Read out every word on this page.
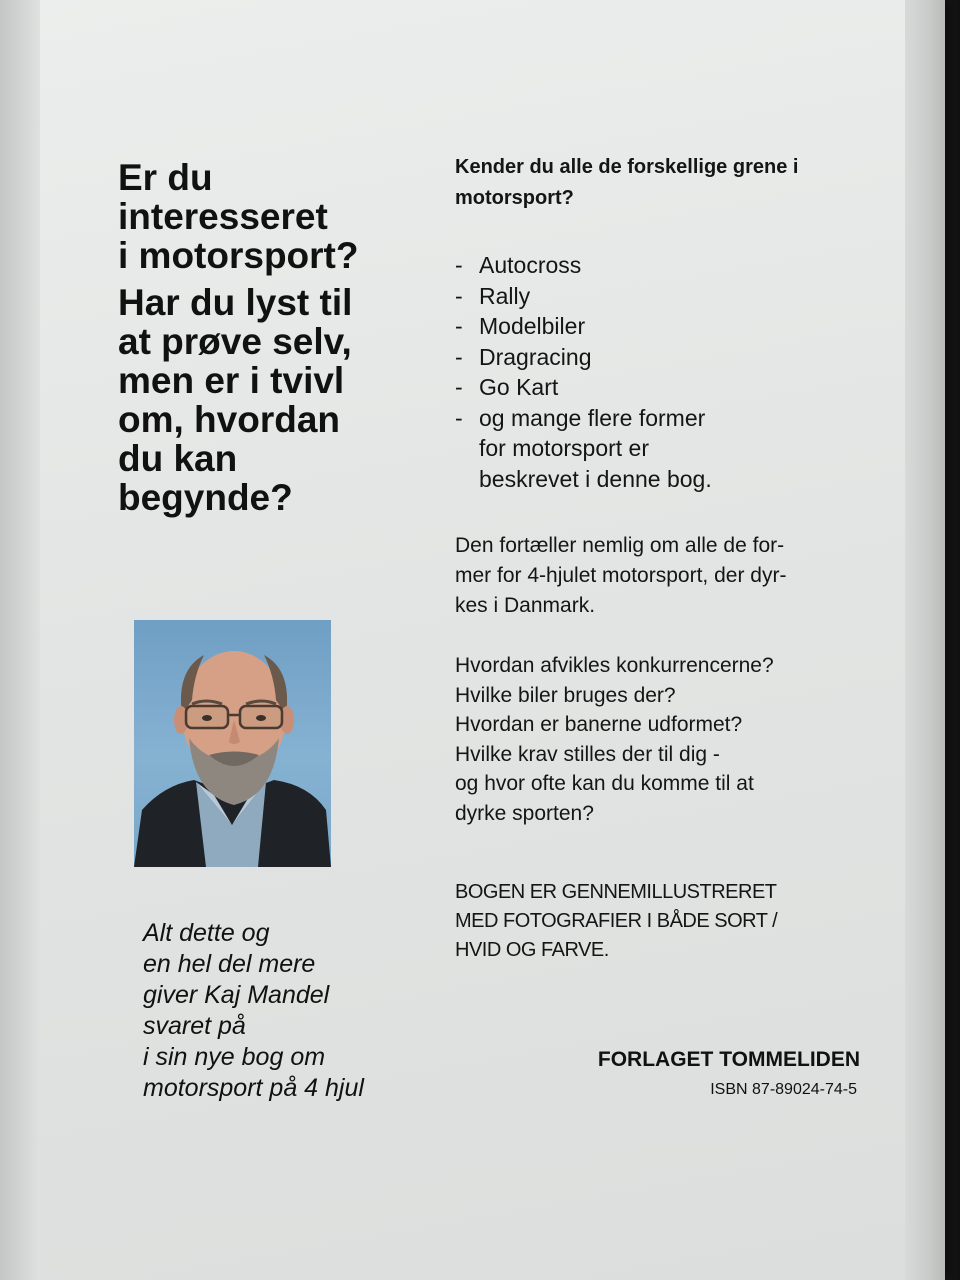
Er du
interesseret
i motorsport?
Har du lyst til
at prøve selv,
men er i tvivl
om, hvordan
du kan
begynde?
Alt dette og
en hel del mere
giver Kaj Mandel
svaret på
i sin nye bog om
motorsport på 4 hjul
Kender du alle de forskellige grene i
motorsport?
- Autocross
- Rally
- Modelbiler
- Dragracing
- Go Kart
- og mange flere former
for motorsport er
beskrevet i denne bog.
Den fortæller nemlig om alle de for-
mer for 4-hjulet motorsport, der dyr-
kes i Danmark.
Hvordan afvikles konkurrencerne?
Hvilke biler bruges der?
Hvordan er banerne udformet?
Hvilke krav stilles der til dig -
og hvor ofte kan du komme til at
dyrke sporten?
BOGEN ER GENNEMILLUSTRERET
MED FOTOGRAFIER I BÅDE SORT /
HVID OG FARVE.
FORLAGET TOMMELIDEN
ISBN 87-89024-74-5
